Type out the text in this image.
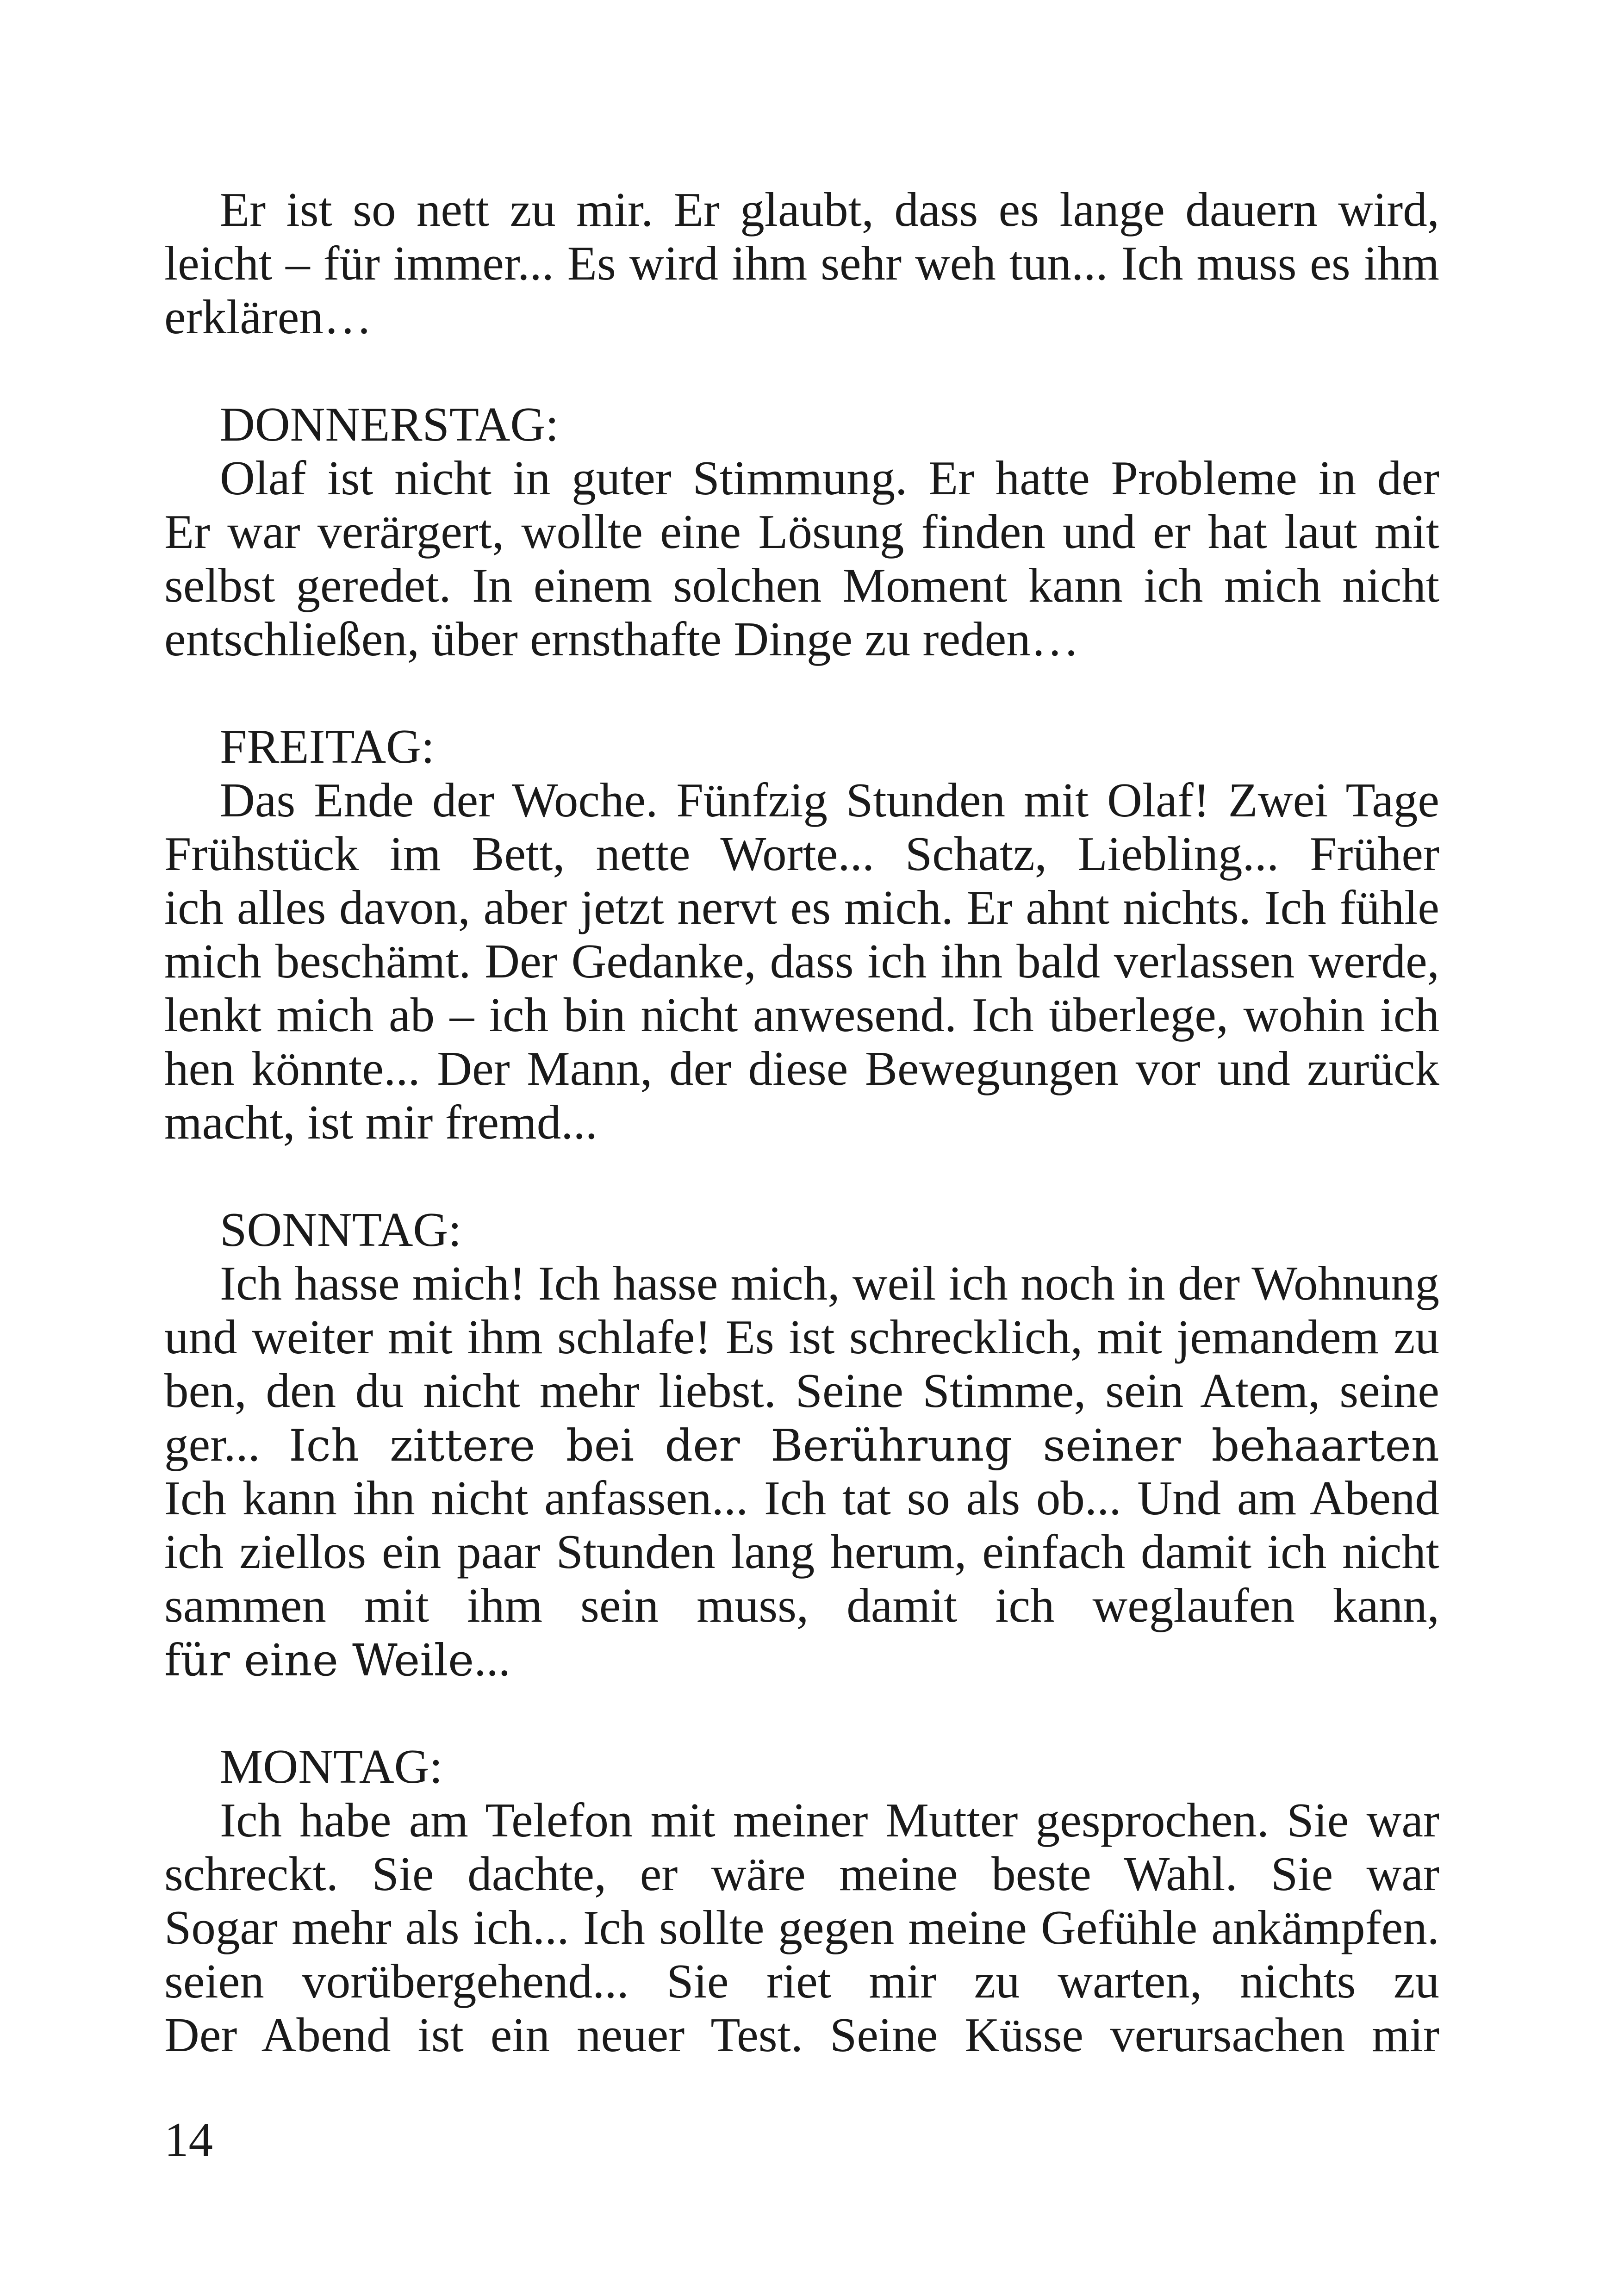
Er ist so nett zu mir. Er glaubt, dass es lange dauern wird,
leicht – für immer... Es wird ihm sehr weh tun... Ich muss es ihm
erklären…
DONNERSTAG:
Olaf ist nicht in guter Stimmung. Er hatte Probleme in der
Er war verärgert, wollte eine Lösung finden und er hat laut mit
selbst geredet. In einem solchen Moment kann ich mich nicht
entschließen, über ernsthafte Dinge zu reden…
FREITAG:
Das Ende der Woche. Fünfzig Stunden mit Olaf! Zwei Tage
Frühstück im Bett, nette Worte... Schatz, Liebling... Früher
ich alles davon, aber jetzt nervt es mich. Er ahnt nichts. Ich fühle
mich beschämt. Der Gedanke, dass ich ihn bald verlassen werde,
lenkt mich ab – ich bin nicht anwesend. Ich überlege, wohin ich
hen könnte... Der Mann, der diese Bewegungen vor und zurück
macht, ist mir fremd...
SONNTAG:
Ich hasse mich! Ich hasse mich, weil ich noch in der Wohnung
und weiter mit ihm schlafe! Es ist schrecklich, mit jemandem zu
ben, den du nicht mehr liebst. Seine Stimme, sein Atem, seine
ger... Ich zittere bei der Berührung seiner behaarten
Ich kann ihn nicht anfassen... Ich tat so als ob... Und am Abend
ich ziellos ein paar Stunden lang herum, einfach damit ich nicht
sammen mit ihm sein muss, damit ich weglaufen kann,
für eine Weile...
MONTAG:
Ich habe am Telefon mit meiner Mutter gesprochen. Sie war
schreckt. Sie dachte, er wäre meine beste Wahl. Sie war
Sogar mehr als ich... Ich sollte gegen meine Gefühle ankämpfen.
seien vorübergehend... Sie riet mir zu warten, nichts zu
Der Abend ist ein neuer Test. Seine Küsse verursachen mir
14
